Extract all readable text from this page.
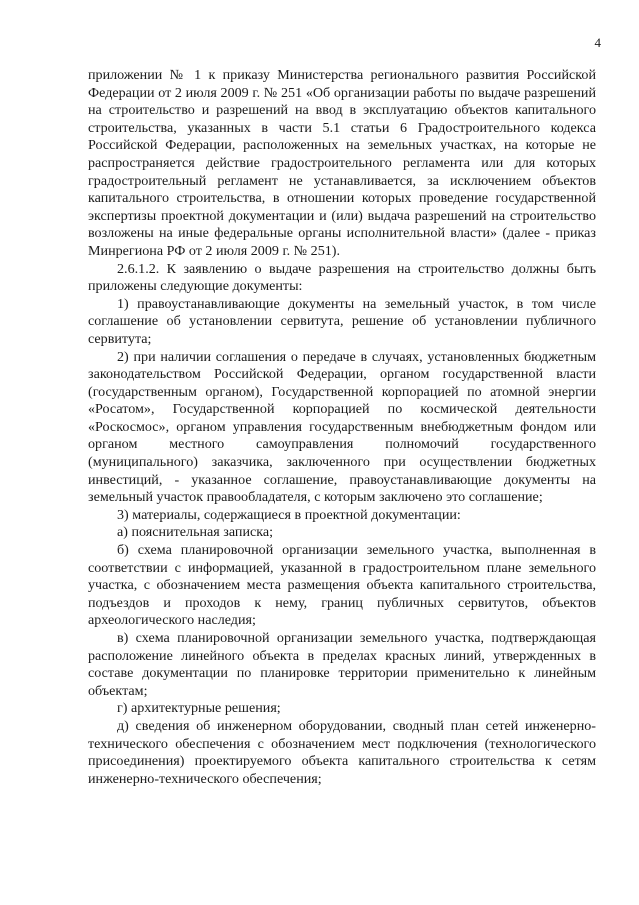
4

приложении № 1 к приказу Министерства регионального развития Российской Федерации от 2 июля 2009 г. № 251 «Об организации работы по выдаче разрешений на строительство и разрешений на ввод в эксплуатацию объектов капитального строительства, указанных в части 5.1 статьи 6 Градостроительного кодекса Российской Федерации, расположенных на земельных участках, на которые не распространяется действие градостроительного регламента или для которых градостроительный регламент не устанавливается, за исключением объектов капитального строительства, в отношении которых проведение государственной экспертизы проектной документации и (или) выдача разрешений на строительство возложены на иные федеральные органы исполнительной власти» (далее - приказ Минрегиона РФ от 2 июля 2009 г. № 251).

2.6.1.2. К заявлению о выдаче разрешения на строительство должны быть приложены следующие документы:

1) правоустанавливающие документы на земельный участок, в том числе соглашение об установлении сервитута, решение об установлении публичного сервитута;

2) при наличии соглашения о передаче в случаях, установленных бюджетным законодательством Российской Федерации, органом государственной власти (государственным органом), Государственной корпорацией по атомной энергии «Росатом», Государственной корпорацией по космической деятельности «Роскосмос», органом управления государственным внебюджетным фондом или органом местного самоуправления полномочий государственного (муниципального) заказчика, заключенного при осуществлении бюджетных инвестиций, - указанное соглашение, правоустанавливающие документы на земельный участок правообладателя, с которым заключено это соглашение;

3) материалы, содержащиеся в проектной документации:

а) пояснительная записка;

б) схема планировочной организации земельного участка, выполненная в соответствии с информацией, указанной в градостроительном плане земельного участка, с обозначением места размещения объекта капитального строительства, подъездов и проходов к нему, границ публичных сервитутов, объектов археологического наследия;

в) схема планировочной организации земельного участка, подтверждающая расположение линейного объекта в пределах красных линий, утвержденных в составе документации по планировке территории применительно к линейным объектам;

г) архитектурные решения;

д) сведения об инженерном оборудовании, сводный план сетей инженерно-технического обеспечения с обозначением мест подключения (технологического присоединения) проектируемого объекта капитального строительства к сетям инженерно-технического обеспечения;
